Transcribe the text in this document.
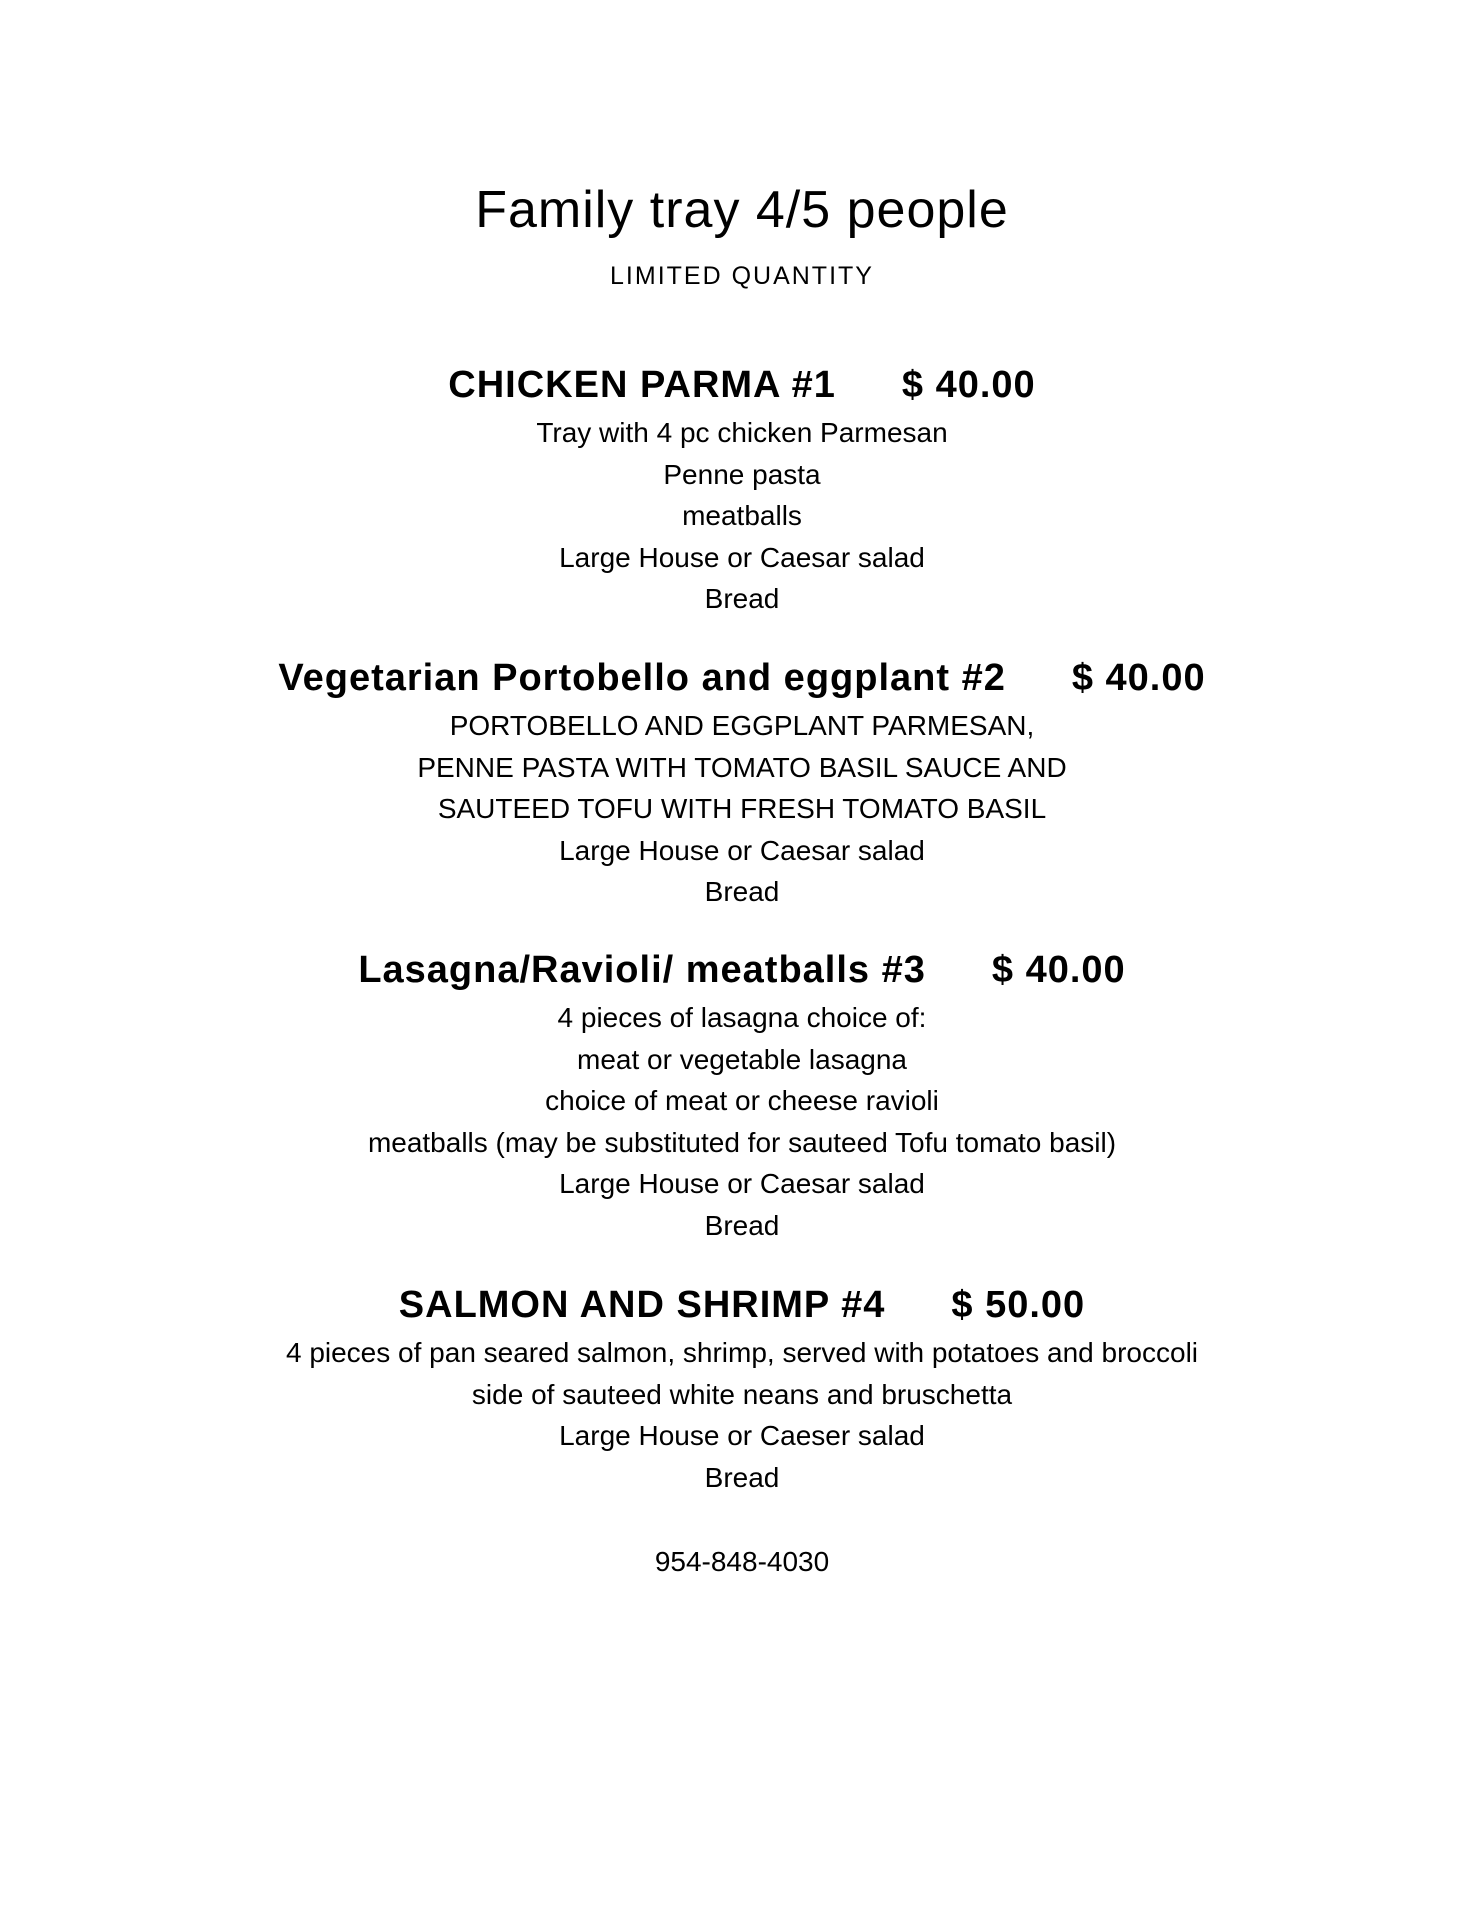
Family tray 4/5 people

LIMITED QUANTITY

CHICKEN PARMA #1 $ 40.00

Tray with 4 pc chicken Parmesan

Penne pasta

meatballs

Large House or Caesar salad

Bread

Vegetarian Portobello and eggplant #2 $ 40.00

PORTOBELLO AND EGGPLANT PARMESAN,

PENNE PASTA WITH TOMATO BASIL SAUCE AND

SAUTEED TOFU WITH FRESH TOMATO BASIL

Large House or Caesar salad

Bread

Lasagna/Ravioli/ meatballs #3 $ 40.00

4 pieces of lasagna choice of:

meat or vegetable lasagna

choice of meat or cheese ravioli

meatballs (may be substituted for sauteed Tofu tomato basil)

Large House or Caesar salad

Bread

SALMON AND SHRIMP #4 $ 50.00

4 pieces of pan seared salmon, shrimp, served with potatoes and broccoli

side of sauteed white neans and bruschetta

Large House or Caeser salad

Bread

954-848-4030
